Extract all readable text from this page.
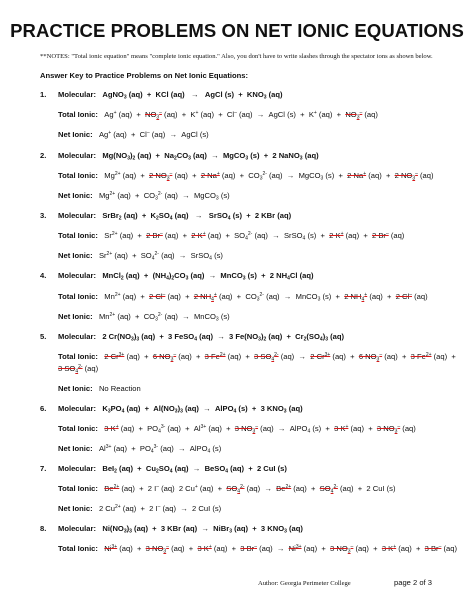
PRACTICE PROBLEMS ON NET IONIC EQUATIONS
**NOTES: "Total ionic equation" means "complete ionic equation." Also, you don't have to write slashes through the spectator ions as shown below.
Answer Key to Practice Problems on Net Ionic Equations:
1. Molecular:   AgNO$_3$ (aq)  +  KCl (aq)   →   AgCl $(s) + KNO_3$ (aq)
Total Ionic:   Ag+ $(aq) + NO_3^-$ (aq)  +  K+ (aq)  +  Cl– (aq)  →  AgCl (s)  +  K+ $(aq) + NO_3^-$ (aq)
Net Ionic:   Ag+ (aq)  +  Cl– (aq)  →  AgCl (s)
2. Molecular:   $Mg(NO_3)_2$ $(aq) + Na_2CO_3$ (aq)  →  MgCO$_3$ (s)  +  2 NaNO$_3$ (aq)
Total Ionic:   $Mg^{2+}$ (aq)  +  2 $NO_3^-$ (aq)  +  2 Na+ $(aq) + CO_3^{2-}$ (aq)  →  MgCO$_3$ (s)  +  2 Na+ (aq)  +  2 $NO_3^-$ (aq)
Net Ionic:   $Mg^{2+}$ $(aq) + CO_3^{2-}$ (aq)  →  MgCO$_3$ (s)
3. Molecular:   SrBr$_2$ $(aq) + K_2SO_4$ (aq)   →   SrSO$_4$ (s)  +  2 KBr (aq)
Total Ionic:   $Sr^{2+}$ (aq)  +  2 Br– (aq)  +  2 K+ $(aq) + SO_4^{2-}$ (aq)  →  SrSO$_4$ (s)  +  2 K+ (aq)  +  2 Br– (aq)
Net Ionic:   $Sr^{2+}$ $(aq) + SO_4^{2-}$ (aq)  →  SrSO$_4$ (s)
4. Molecular:   MnCl$_2$ $(aq) + (NH_4)_2CO_3$ (aq)  →  MnCO$_3$ (s)  +  2 $NH_4Cl$ (aq)
Total Ionic:   $Mn^{2+}$ (aq)  +  2 Cl– (aq)  +  2 $NH_4^+$ $(aq) + CO_3^{2-}$ (aq)  →  MnCO$_3$ (s)  +  2 $NH_4^+$ (aq)  +  2 Cl– (aq)
Net Ionic:   $Mn^{2+}$ $(aq) + CO_3^{2-}$ (aq)  →  MnCO$_3$ (s)
5. Molecular:   2 $Cr(NO_3)_3$ (aq)  +  3 FeSO$_4$ (aq)  →  3 $Fe(NO_3)_2$ $(aq) + Cr_2(SO_4)_3$ (aq)
Total Ionic: 2 $Cr^{3+}$ (aq)  +  6 $NO_3^-$ (aq)  +  3 $Fe^{2+}$ (aq)  +  3 $SO_4^{2-}$ (aq)  →  2 $Cr^{3+}$ (aq)  +  6 $NO_3^-$ (aq)  +  3 $Fe^{2+}$ (aq)  +
3 $SO_4^{2-}$ (aq)
Net Ionic: No Reaction
6. Molecular:   $K_3PO_4$ $(aq) + Al(NO_3)_3$ (aq)  →  AlPO$_4$ (s)  +  3 $KNO_3$ (aq)
Total Ionic: 3 K+ $(aq) + PO_4^{3-}$ $(aq) + Al^{3+}$ (aq)  +  3 $NO_3^-$ (aq)  →  AlPO$_4$ (s)  +  3 K+ (aq)  +  3 $NO_3^-$ (aq)
Net Ionic:   $Al^{3+}$ $(aq) + PO_4^{3-}$ (aq)  →  AlPO$_4$ (s)
7. Molecular:   BeI$_2$ $(aq) + Cu_2SO_4$ (aq)  →  BeSO$_4$ (aq)  +  2 CuI (s)
Total Ionic: $Be^{2+}$ (aq)  +  2 I– (aq)  2 Cu+ $(aq) + SO_4^{2-}$ $(aq) \to Be^{2+}$ $(aq) + SO_4^{2-}$ (aq)  +  2 CuI (s)
Net Ionic:   2 $Cu^{2+}$ (aq)  +  2 I– (aq)  →  2 CuI (s)
8. Molecular:   $Ni(NO_3)_3$ (aq)  +  3 KBr (aq)  →  NiBr$_3$ (aq)  +  3 $KNO_3$ (aq)
Total Ionic: $Ni^{3+}$ (aq)  +  3 $NO_3^-$ (aq)  +  3 K+ (aq)  +  3 Br– $(aq) \to Ni^{3+}$ (aq)  +  3 $NO_3^-$ (aq)  +  3 K+ (aq)  +  3 Br– (aq)
Author: Georgia Perimeter College	page 2 of 3
